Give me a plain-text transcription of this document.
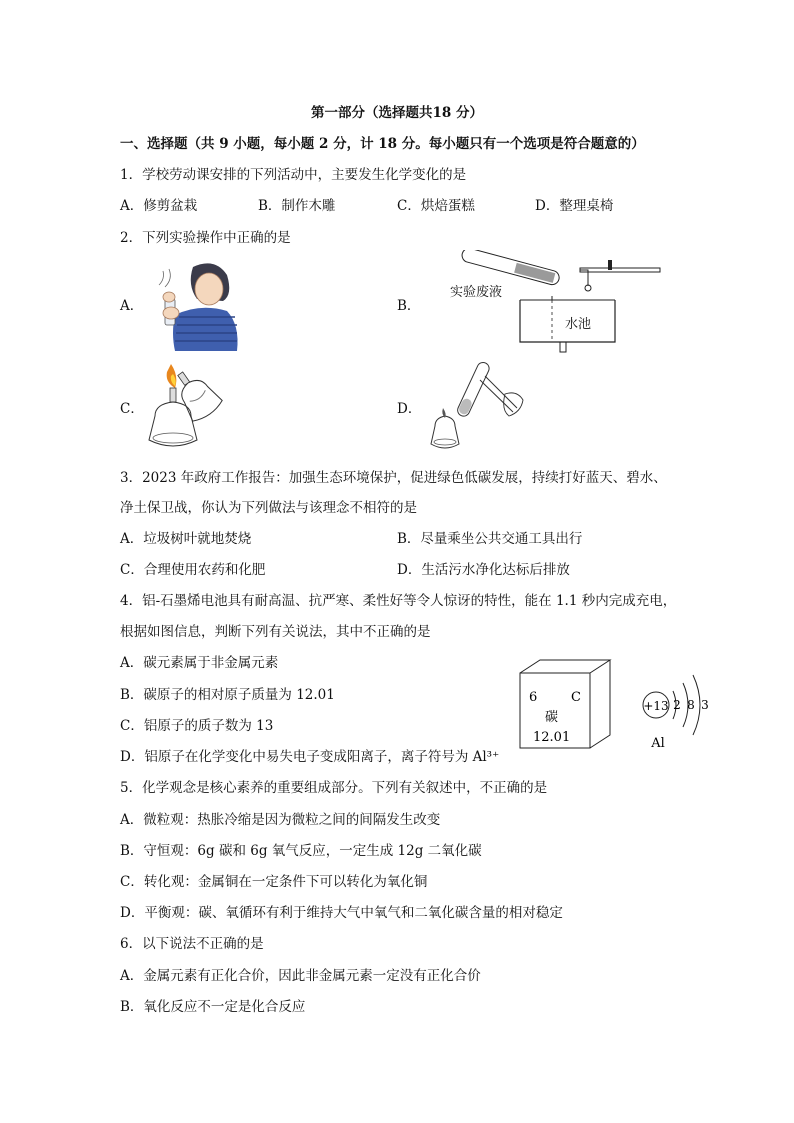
第一部分（选择题共18 分）
一、选择题（共 9 小题，每小题 2 分，计 18 分。每小题只有一个选项是符合题意的）
1．学校劳动课安排的下列活动中，主要发生化学变化的是
A．修剪盆栽	B．制作木雕	C．烘焙蛋糕	D．整理桌椅
2．下列实验操作中正确的是
A．	B．
C．	D．
实验废液
水池
3．2023 年政府工作报告：加强生态环境保护，促进绿色低碳发展，持续打好蓝天、碧水、
净土保卫战，你认为下列做法与该理念不相符的是
A．垃圾树叶就地焚烧	B．尽量乘坐公共交通工具出行
C．合理使用农药和化肥	D．生活污水净化达标后排放
4．铝-石墨烯电池具有耐高温、抗严寒、柔性好等令人惊讶的特性，能在 1.1 秒内完成充电，
根据如图信息，判断下列有关说法，其中不正确的是
A．碳元素属于非金属元素
B．碳原子的相对原子质量为 12.01
C．铝原子的质子数为 13
D．铝原子在化学变化中易失电子变成阳离子，离子符号为 Al³⁺
6	C
碳
12.01
+13 2 8 3
Al
5．化学观念是核心素养的重要组成部分。下列有关叙述中，不正确的是
A．微粒观：热胀冷缩是因为微粒之间的间隔发生改变
B．守恒观：6g 碳和 6g 氧气反应，一定生成 12g 二氧化碳
C．转化观：金属铜在一定条件下可以转化为氧化铜
D．平衡观：碳、氧循环有利于维持大气中氧气和二氧化碳含量的相对稳定
6．以下说法不正确的是
A．金属元素有正化合价，因此非金属元素一定没有正化合价
B．氧化反应不一定是化合反应
